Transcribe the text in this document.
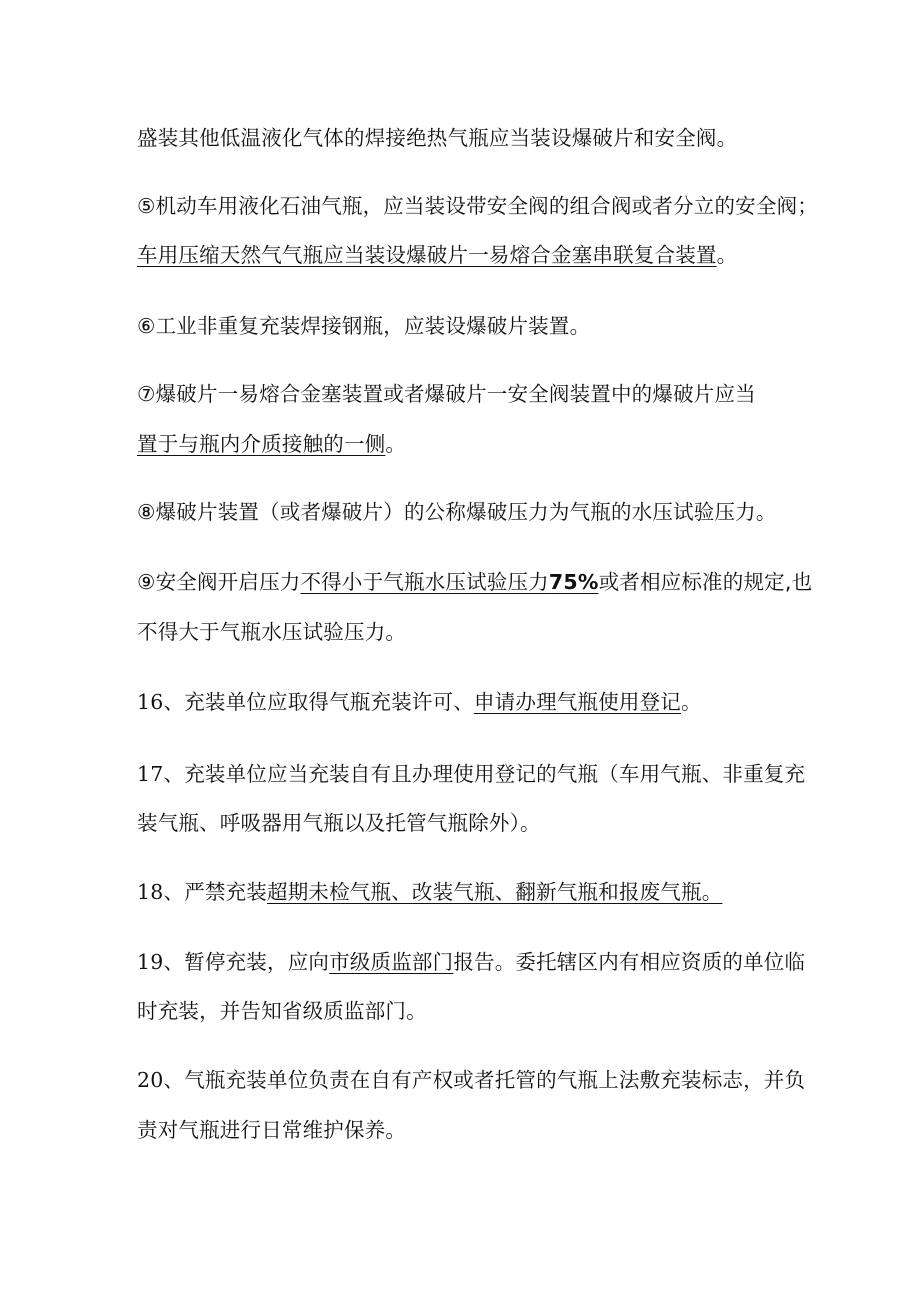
盛装其他低温液化气体的焊接绝热气瓶应当装设爆破片和安全阀。
⑤机动车用液化石油气瓶，应当装设带安全阀的组合阀或者分立的安全阀；
车用压缩天然气气瓶应当装设爆破片一易熔合金塞串联复合装置。
⑥工业非重复充装焊接钢瓶，应装设爆破片装置。
⑦爆破片一易熔合金塞装置或者爆破片一安全阀装置中的爆破片应当
置于与瓶内介质接触的一侧。
⑧爆破片装置（或者爆破片）的公称爆破压力为气瓶的水压试验压力。
⑨安全阀开启压力不得小于气瓶水压试验压力75%或者相应标准的规定,也
不得大于气瓶水压试验压力。
16、充装单位应取得气瓶充装许可、申请办理气瓶使用登记。
17、充装单位应当充装自有且办理使用登记的气瓶（车用气瓶、非重复充
装气瓶、呼吸器用气瓶以及托管气瓶除外）。
18、严禁充装超期未检气瓶、改装气瓶、翻新气瓶和报废气瓶。
19、暂停充装，应向市级质监部门报告。委托辖区内有相应资质的单位临
时充装，并告知省级质监部门。
20、气瓶充装单位负责在自有产权或者托管的气瓶上法敷充装标志，并负
责对气瓶进行日常维护保养。
